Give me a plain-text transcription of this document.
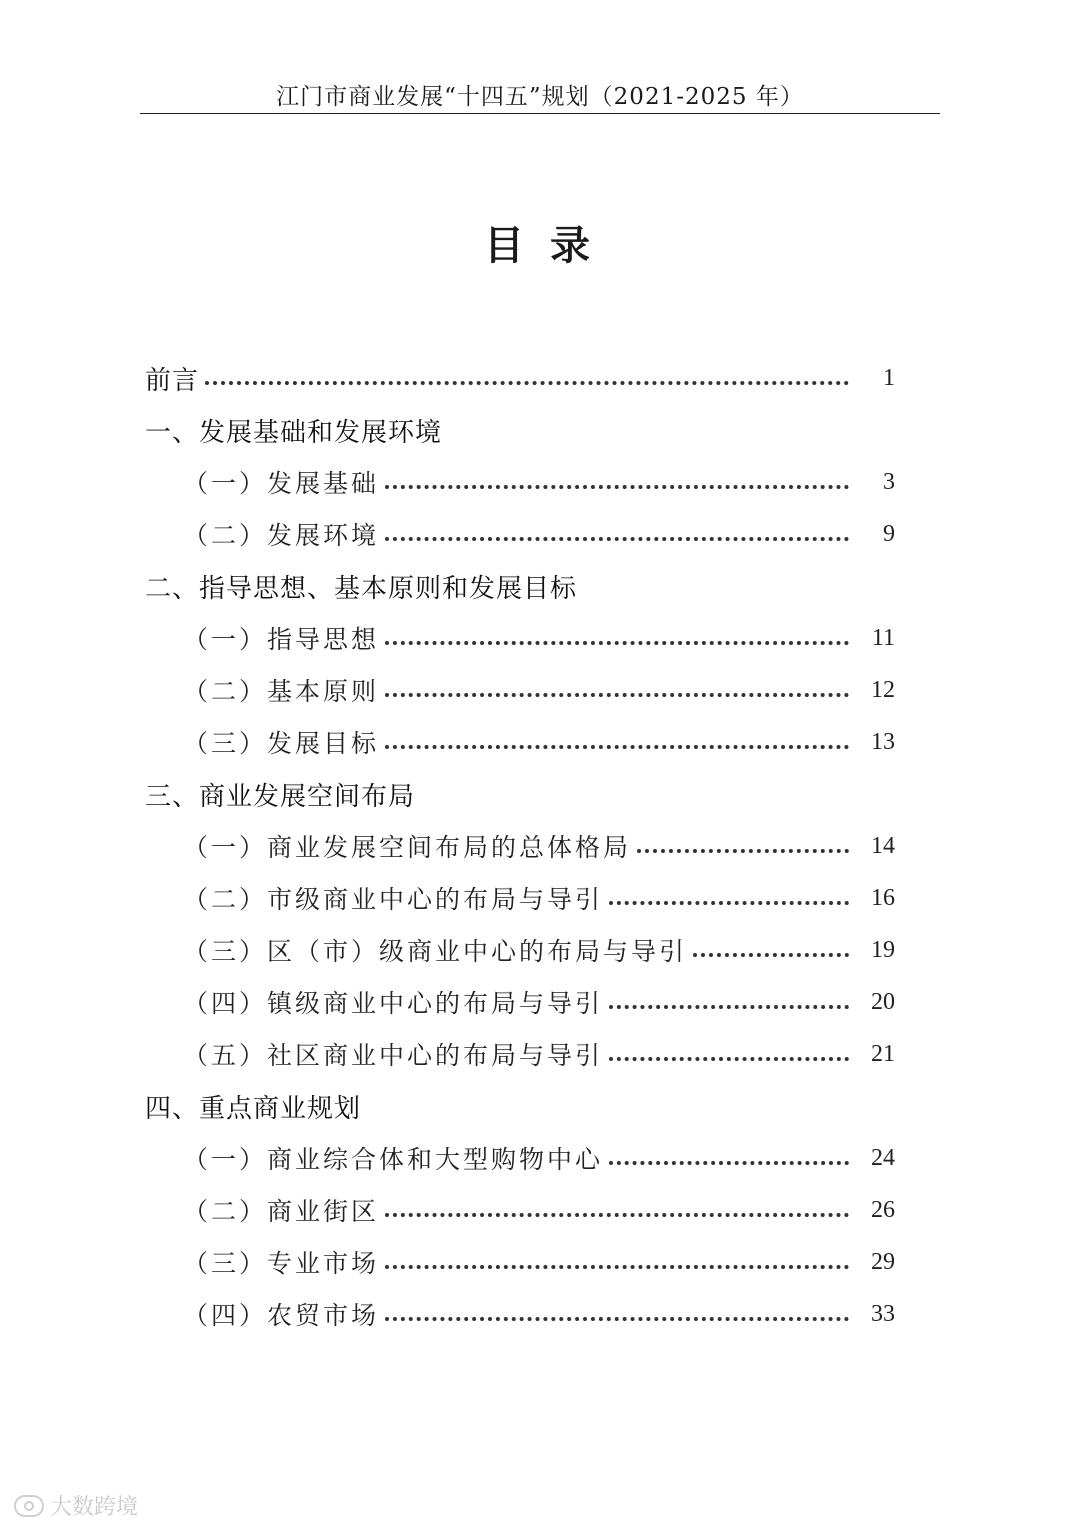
江门市商业发展“十四五”规划（2021-2025 年）
目 录
前言	1
一、发展基础和发展环境
（一）发展基础	3
（二）发展环境	9
二、指导思想、基本原则和发展目标
（一）指导思想	11
（二）基本原则	12
（三）发展目标	13
三、商业发展空间布局
（一）商业发展空间布局的总体格局	14
（二）市级商业中心的布局与导引	16
（三）区（市）级商业中心的布局与导引	19
（四）镇级商业中心的布局与导引	20
（五）社区商业中心的布局与导引	21
四、重点商业规划
（一）商业综合体和大型购物中心	24
（二）商业街区	26
（三）专业市场	29
（四）农贸市场	33
大数跨境
